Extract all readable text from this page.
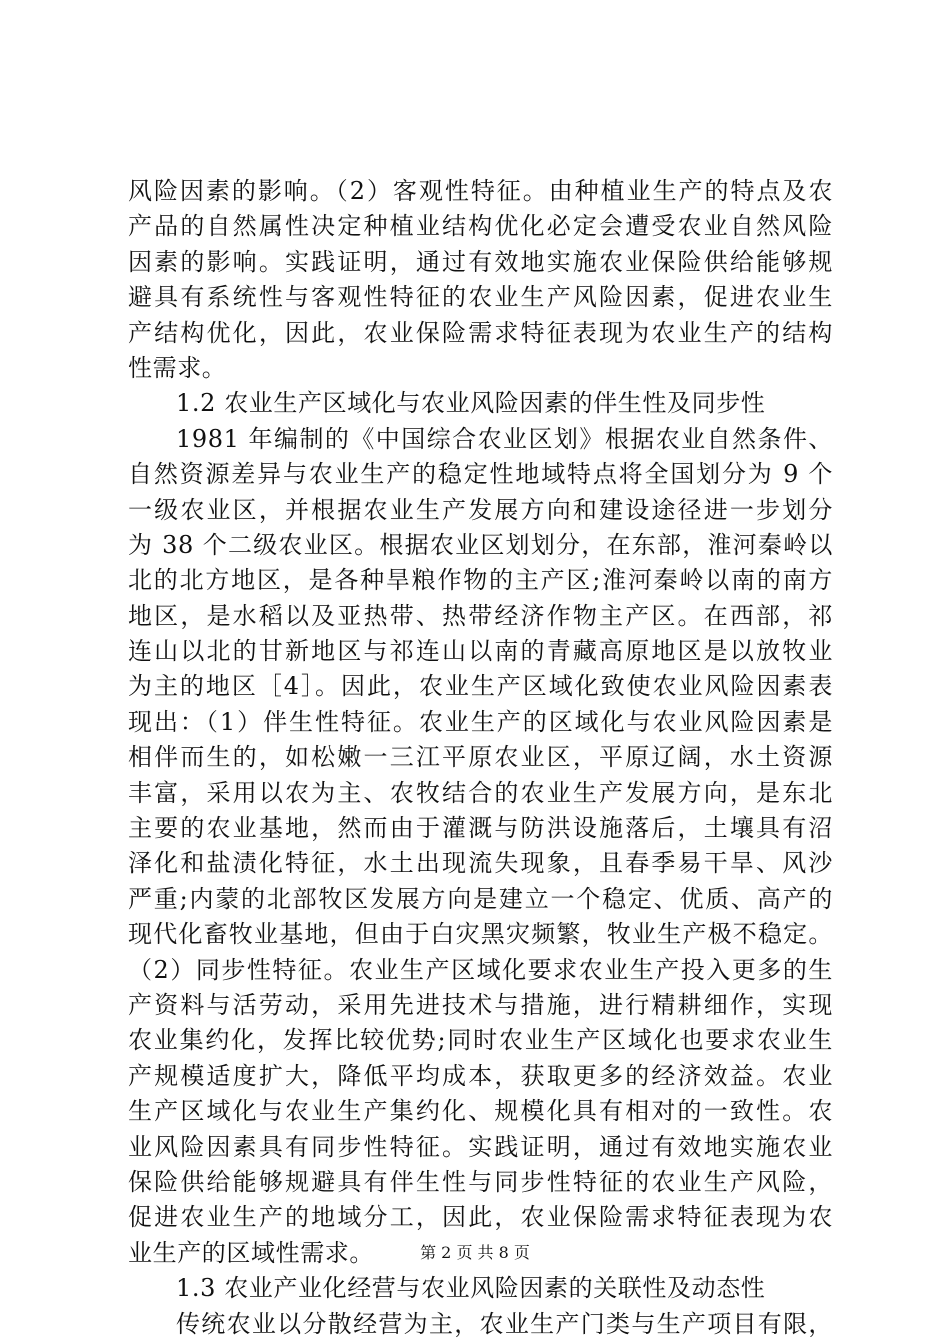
风险因素的影响。（2）客观性特征。由种植业生产的特点及农
产品的自然属性决定种植业结构优化必定会遭受农业自然风险
因素的影响。实践证明，通过有效地实施农业保险供给能够规
避具有系统性与客观性特征的农业生产风险因素，促进农业生
产结构优化，因此，农业保险需求特征表现为农业生产的结构
性需求。
1.2 农业生产区域化与农业风险因素的伴生性及同步性
1981 年编制的《中国综合农业区划》根据农业自然条件、
自然资源差异与农业生产的稳定性地域特点将全国划分为 9 个
一级农业区，并根据农业生产发展方向和建设途径进一步划分
为 38 个二级农业区。根据农业区划划分，在东部，淮河秦岭以
北的北方地区，是各种旱粮作物的主产区;淮河秦岭以南的南方
地区，是水稻以及亚热带、热带经济作物主产区。在西部，祁
连山以北的甘新地区与祁连山以南的青藏高原地区是以放牧业
为主的地区［4］。因此，农业生产区域化致使农业风险因素表
现出：（1）伴生性特征。农业生产的区域化与农业风险因素是
相伴而生的，如松嫩一三江平原农业区，平原辽阔，水土资源
丰富，采用以农为主、农牧结合的农业生产发展方向，是东北
主要的农业基地，然而由于灌溉与防洪设施落后，土壤具有沼
泽化和盐渍化特征，水土出现流失现象，且春季易干旱、风沙
严重;内蒙的北部牧区发展方向是建立一个稳定、优质、高产的
现代化畜牧业基地，但由于白灾黑灾频繁，牧业生产极不稳定。
（2）同步性特征。农业生产区域化要求农业生产投入更多的生
产资料与活劳动，采用先进技术与措施，进行精耕细作，实现
农业集约化，发挥比较优势;同时农业生产区域化也要求农业生
产规模适度扩大，降低平均成本，获取更多的经济效益。农业
生产区域化与农业生产集约化、规模化具有相对的一致性。农
业风险因素具有同步性特征。实践证明，通过有效地实施农业
保险供给能够规避具有伴生性与同步性特征的农业生产风险，
促进农业生产的地域分工，因此，农业保险需求特征表现为农
业生产的区域性需求。
1.3 农业产业化经营与农业风险因素的关联性及动态性
传统农业以分散经营为主，农业生产门类与生产项目有限，
第 2 页 共 8 页
